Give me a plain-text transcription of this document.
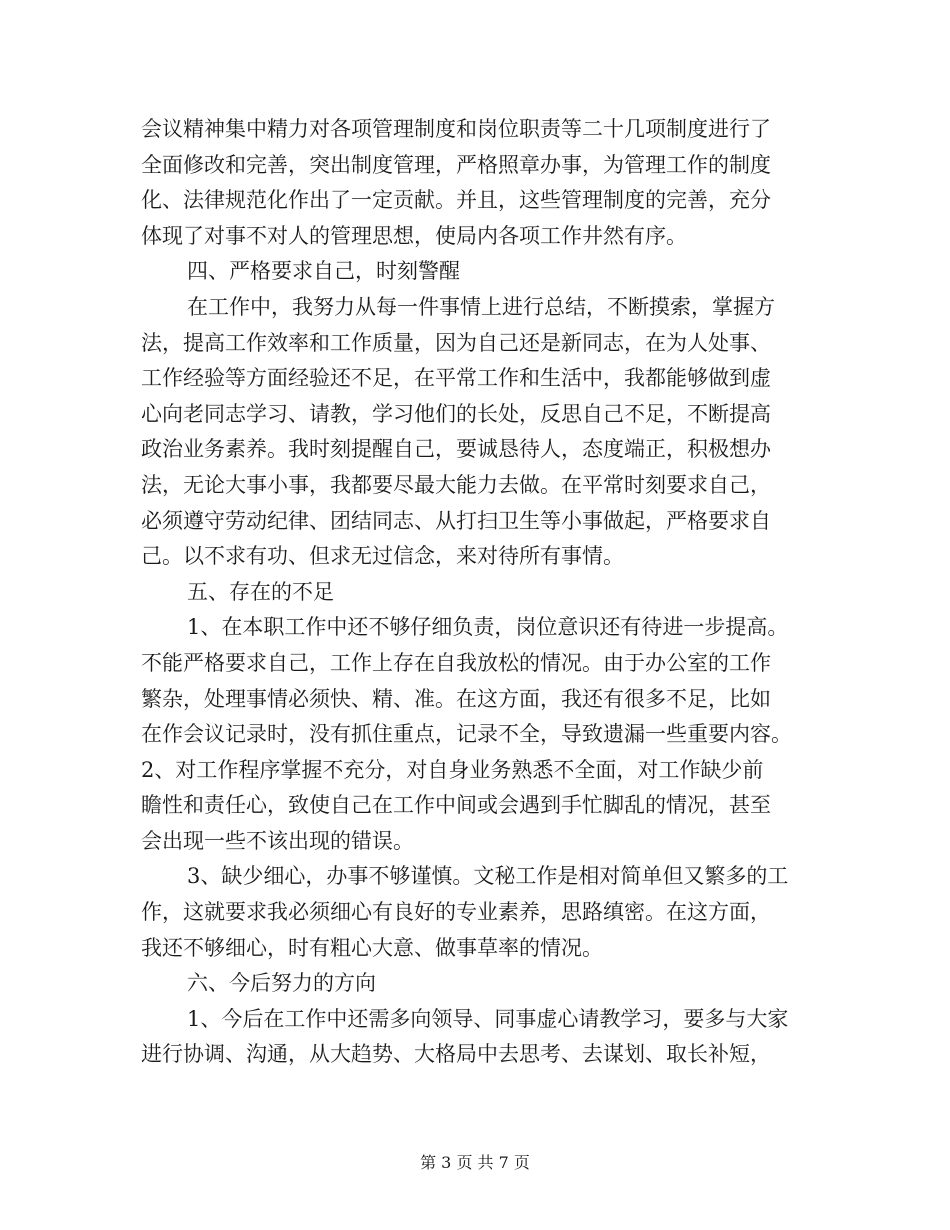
会议精神集中精力对各项管理制度和岗位职责等二十几项制度进行了
全面修改和完善，突出制度管理，严格照章办事，为管理工作的制度
化、法律规范化作出了一定贡献。并且，这些管理制度的完善，充分
体现了对事不对人的管理思想，使局内各项工作井然有序。
四、严格要求自己，时刻警醒
在工作中，我努力从每一件事情上进行总结，不断摸索，掌握方
法，提高工作效率和工作质量，因为自己还是新同志，在为人处事、
工作经验等方面经验还不足，在平常工作和生活中，我都能够做到虚
心向老同志学习、请教，学习他们的长处，反思自己不足，不断提高
政治业务素养。我时刻提醒自己，要诚恳待人，态度端正，积极想办
法，无论大事小事，我都要尽最大能力去做。在平常时刻要求自己，
必须遵守劳动纪律、团结同志、从打扫卫生等小事做起，严格要求自
己。以不求有功、但求无过信念，来对待所有事情。
五、存在的不足
1、在本职工作中还不够仔细负责，岗位意识还有待进一步提高。
不能严格要求自己，工作上存在自我放松的情况。由于办公室的工作
繁杂，处理事情必须快、精、准。在这方面，我还有很多不足，比如
在作会议记录时，没有抓住重点，记录不全，导致遗漏一些重要内容。
2、对工作程序掌握不充分，对自身业务熟悉不全面，对工作缺少前
瞻性和责任心，致使自己在工作中间或会遇到手忙脚乱的情况，甚至
会出现一些不该出现的错误。
3、缺少细心，办事不够谨慎。文秘工作是相对简单但又繁多的工
作，这就要求我必须细心有良好的专业素养，思路缜密。在这方面，
我还不够细心，时有粗心大意、做事草率的情况。
六、今后努力的方向
1、今后在工作中还需多向领导、同事虚心请教学习，要多与大家
进行协调、沟通，从大趋势、大格局中去思考、去谋划、取长补短，
第 3 页 共 7 页
